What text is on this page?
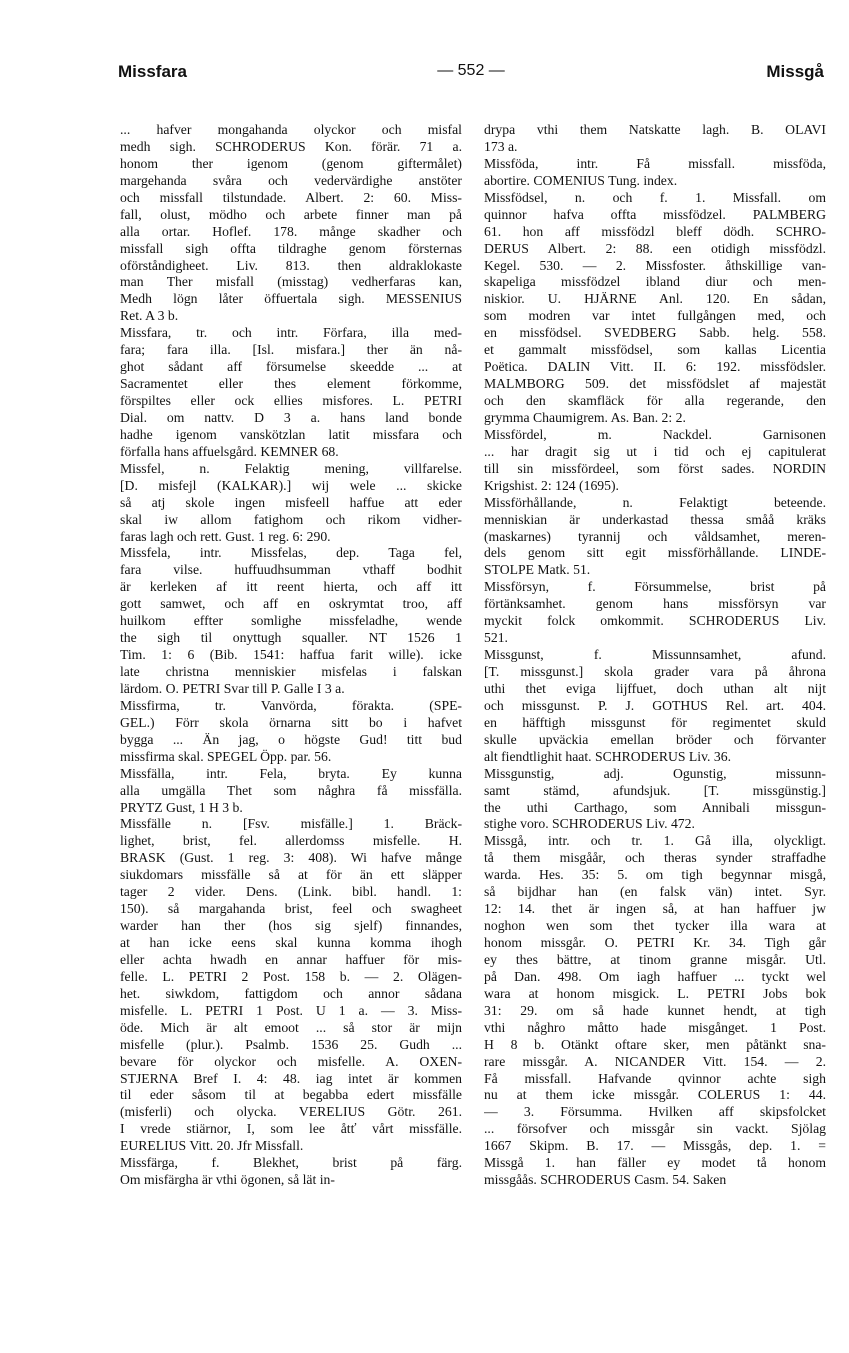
Missfara	— 552 —	Missgå
... hafver mongahanda olyckor och misfal
medh sigh. SCHRODERUS Kon. förär. 71 a.
honom ther igenom (genom giftermålet)
margehanda svåra och vedervärdighe anstöter
och missfall tilstundade. Albert. 2: 60. Miss-
fall, olust, mödho och arbete finner man på
alla ortar. Hoflef. 178. månge skadher och
missfall sigh offta tildraghe genom försternas
oförståndigheet. Liv. 813. then aldraklokaste
man Ther misfall (misstag) vedherfaras kan,
Medh lögn låter öffuertala sigh. MESSENIUS
Ret. A 3 b.
Missfara, tr. och intr. Förfara, illa med-
fara; fara illa. [Isl. misfara.] ther än nå-
ghot sådant aff försumelse skeedde ... at
Sacramentet eller thes element förkomme,
förspiltes eller ock ellies misfores. L. PETRI
Dial. om nattv. D 3 a. hans land bonde
hadhe igenom vanskötzlan latit missfara och
förfalla hans affuelsgård. KEMNER 68.
Missfel, n. Felaktig mening, villfarelse.
[D. misfejl (KALKAR).] wij wele ... skicke
så atj skole ingen misfeell haffue att eder
skal iw allom fatighom och rikom vidher-
faras lagh och rett. Gust. 1 reg. 6: 290.
Missfela, intr. Missfelas, dep. Taga fel,
fara vilse. huffuudhsumman vthaff bodhit
är kerleken af itt reent hierta, och aff itt
gott samwet, och aff en oskrymtat troo, aff
huilkom effter somlighe missfeladhe, wende
the sigh til onyttugh squaller. NT 1526 1
Tim. 1: 6 (Bib. 1541: haffua farit wille). icke
late christna menniskier misfelas i falskan
lärdom. O. PETRI Svar till P. Galle I 3 a.
Missfirma, tr. Vanvörda, förakta. (SPE-
GEL.) Förr skola örnarna sitt bo i hafvet
bygga ... Än jag, o högste Gud! titt bud
missfirma skal. SPEGEL Öpp. par. 56.
Missfälla, intr. Fela, bryta. Ey kunna
alla umgälla Thet som någhra få missfälla.
PRYTZ Gust, 1 H 3 b.
Missfälle n. [Fsv. misfälle.] 1. Bräck-
lighet, brist, fel. allerdomss misfelle. H.
BRASK (Gust. 1 reg. 3: 408). Wi hafve månge
siukdomars missfälle så at för än ett släpper
tager 2 vider. Dens. (Link. bibl. handl. 1:
150). så margahanda brist, feel och swagheet
warder han ther (hos sig sjelf) finnandes,
at han icke eens skal kunna komma ihogh
eller achta hwadh en annar haffuer för mis-
felle. L. PETRI 2 Post. 158 b. — 2. Olägen-
het. siwkdom, fattigdom och annor sådana
misfelle. L. PETRI 1 Post. U 1 a. — 3. Miss-
öde. Mich är alt emoot ... så stor är mijn
misfelle (plur.). Psalmb. 1536 25. Gudh ...
bevare för olyckor och misfelle. A. OXEN-
STJERNA Bref I. 4: 48. iag intet är kommen
til eder såsom til at begabba edert missfälle
(misferli) och olycka. VERELIUS Götr. 261.
I vrede stiärnor, I, som lee åtť vårt missfälle.
EURELIUS Vitt. 20. Jfr Missfall.
Missfärga, f. Blekhet, brist på färg.
Om misfärgha är vthi ögonen, så lät in-
drypa vthi them Natskatte lagh. B. OLAVI
173 a.
Missföda, intr. Få missfall. missföda,
abortire. COMENIUS Tung. index.
Missfödsel, n. och f. 1. Missfall. om
quinnor hafva offta missfödzel. PALMBERG
61. hon aff missfödzl bleff dödh. SCHRO-
DERUS Albert. 2: 88. een otidigh missfödzl.
Kegel. 530. — 2. Missfoster. åthskillige van-
skapeliga missfödzel ibland diur och men-
niskior. U. HJÄRNE Anl. 120. En sådan,
som modren var intet fullgången med, och
en missfödsel. SVEDBERG Sabb. helg. 558.
et gammalt missfödsel, som kallas Licentia
Poëtica. DALIN Vitt. II. 6: 192. missfödsler.
MALMBORG 509. det missfödslet af majestät
och den skamfläck för alla regerande, den
grymma Chaumigrem. As. Ban. 2: 2.
Missfördel, m. Nackdel. Garnisonen
... har dragit sig ut i tid och ej capitulerat
till sin missfördeel, som först sades. NORDIN
Krigshist. 2: 124 (1695).
Missförhållande, n. Felaktigt beteende.
menniskian är underkastad thessa småå kräks
(maskarnes) tyrannij och våldsamhet, meren-
dels genom sitt egit missförhållande. LINDE-
STOLPE Matk. 51.
Missförsyn, f. Försummelse, brist på
förtänksamhet. genom hans missförsyn var
myckit folck omkommit. SCHRODERUS Liv.
521.
Missgunst, f. Missunnsamhet, afund.
[T. missgunst.] skola grader vara på åhrona
uthi thet eviga lijffuet, doch uthan alt nijt
och missgunst. P. J. GOTHUS Rel. art. 404.
en häfftigh missgunst för regimentet skuld
skulle upväckia emellan bröder och förvanter
alt fiendtlighit haat. SCHRODERUS Liv. 36.
Missgunstig, adj. Ogunstig, missunn-
samt stämd, afundsjuk. [T. missgünstig.]
the uthi Carthago, som Annibali missgun-
stighe voro. SCHRODERUS Liv. 472.
Missgå, intr. och tr. 1. Gå illa, olyckligt.
tå them misgåår, och theras synder straffadhe
warda. Hes. 35: 5. om tigh begynnar misgå,
så bijdhar han (en falsk vän) intet. Syr.
12: 14. thet är ingen så, at han haffuer jw
noghon wen som thet tycker illa wara at
honom missgår. O. PETRI Kr. 34. Tigh går
ey thes bättre, at tinom granne misgår. Utl.
på Dan. 498. Om iagh haffuer ... tyckt wel
wara at honom misgick. L. PETRI Jobs bok
31: 29. om så hade kunnet hendt, at tigh
vthi någhro måtto hade misgånget. 1 Post.
H 8 b. Otänkt oftare sker, men påtänkt sna-
rare missgår. A. NICANDER Vitt. 154. — 2.
Få missfall. Hafvande qvinnor achte sigh
nu at them icke missgår. COLERUS 1: 44.
— 3. Försumma. Hvilken aff skipsfolcket
... försofver och missgår sin vackt. Sjölag
1667 Skipm. B. 17. — Missgås, dep. 1. =
Missgå 1. han fäller ey modet tå honom
missgåås. SCHRODERUS Casm. 54. Saken
